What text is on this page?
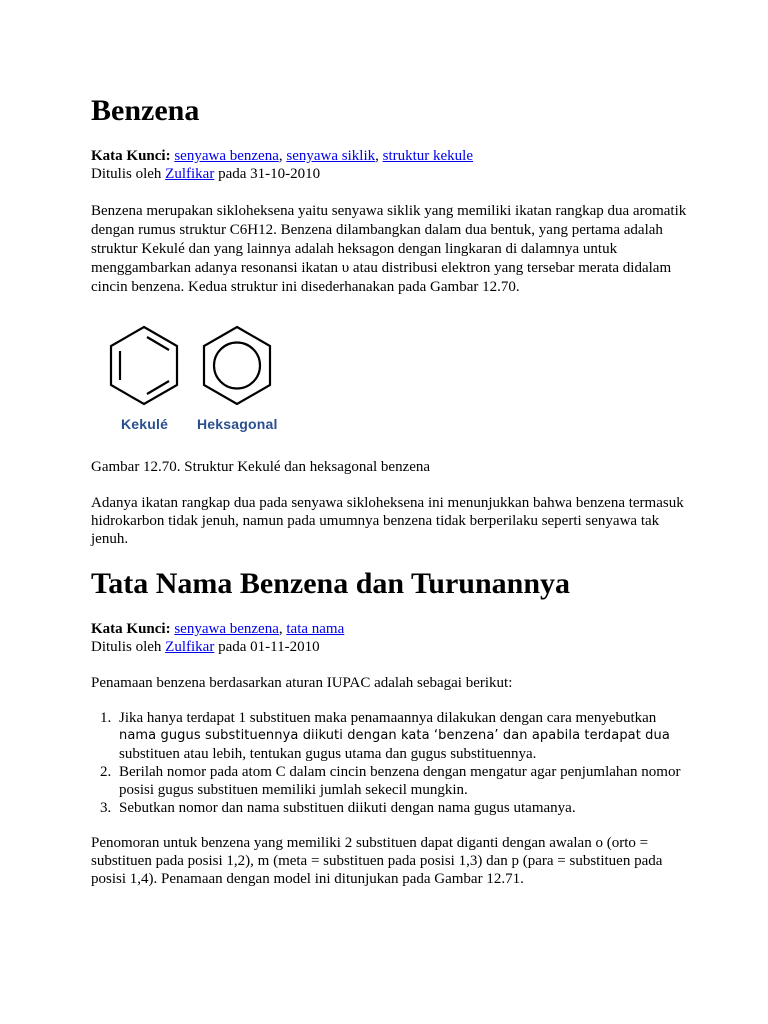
Benzena
Kata Kunci: senyawa benzena, senyawa siklik, struktur kekule
Ditulis oleh Zulfikar pada 31-10-2010

Benzena merupakan sikloheksena yaitu senyawa siklik yang memiliki ikatan rangkap dua aromatik dengan rumus struktur C6H12. Benzena dilambangkan dalam dua bentuk, yang pertama adalah struktur Kekulé dan yang lainnya adalah heksagon dengan lingkaran di dalamnya untuk menggambarkan adanya resonansi ikatan υ atau distribusi elektron yang tersebar merata didalam cincin benzena. Kedua struktur ini disederhanakan pada Gambar 12.70.

Kekulé Heksagonal

Gambar 12.70. Struktur Kekulé dan heksagonal benzena

Adanya ikatan rangkap dua pada senyawa sikloheksena ini menunjukkan bahwa benzena termasuk hidrokarbon tidak jenuh, namun pada umumnya benzena tidak berperilaku seperti senyawa tak jenuh.

Tata Nama Benzena dan Turunannya
Kata Kunci: senyawa benzena, tata nama
Ditulis oleh Zulfikar pada 01-11-2010

Penamaan benzena berdasarkan aturan IUPAC adalah sebagai berikut:

1. Jika hanya terdapat 1 substituen maka penamaannya dilakukan dengan cara menyebutkan
nama gugus substituennya diikuti dengan kata ‘benzena’ dan apabila terdapat dua
substituen atau lebih, tentukan gugus utama dan gugus substituennya.
2. Berilah nomor pada atom C dalam cincin benzena dengan mengatur agar penjumlahan nomor posisi gugus substituen memiliki jumlah sekecil mungkin.
3. Sebutkan nomor dan nama substituen diikuti dengan nama gugus utamanya.

Penomoran untuk benzena yang memiliki 2 substituen dapat diganti dengan awalan o (orto = substituen pada posisi 1,2), m (meta = substituen pada posisi 1,3) dan p (para = substituen pada posisi 1,4). Penamaan dengan model ini ditunjukan pada Gambar 12.71.
